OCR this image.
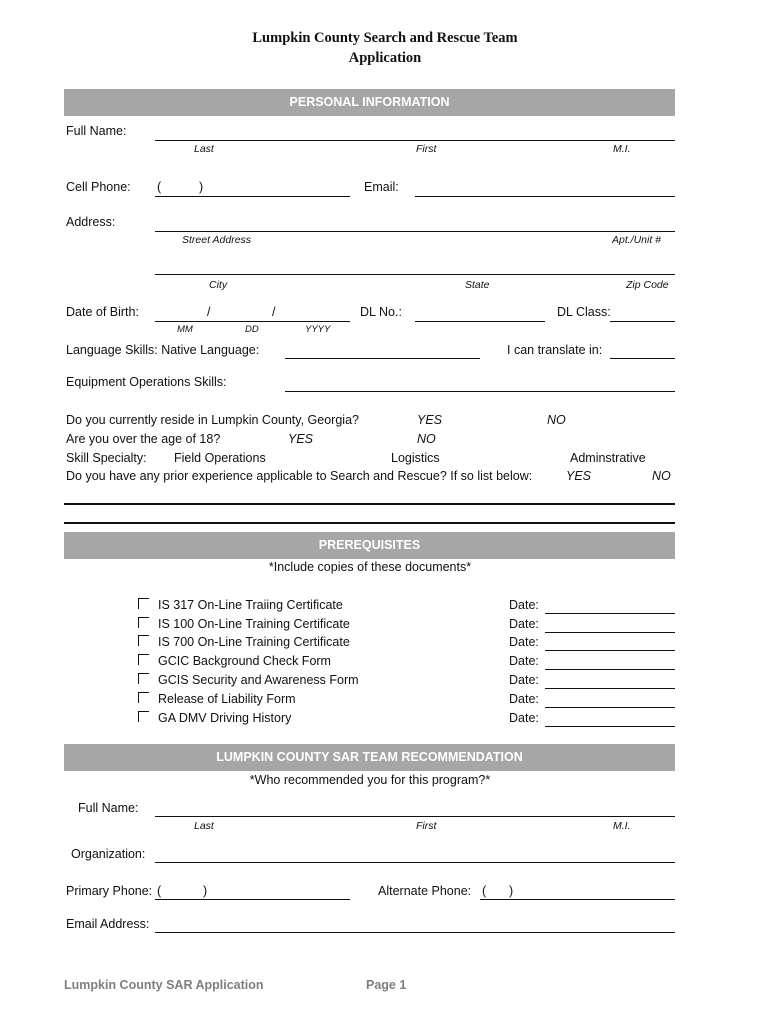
Lumpkin County Search and Rescue Team
Application
PERSONAL INFORMATION
Full Name:
Last	First	M.I.
Cell Phone: (	)	Email:
Address:
Street Address	Apt./Unit #
City	State	Zip Code
Date of Birth:	/	/
MM	DD	YYYY
DL No.:	DL Class:
Language Skills: Native Language:	I can translate in:
Equipment Operations Skills:
Do you currently reside in Lumpkin County, Georgia?	YES	NO
Are you over the age of 18?	YES	NO
Skill Specialty: Field Operations	Logistics	Adminstrative
Do you have any prior experience applicable to Search and Rescue? If so list below:	YES	NO
PREREQUISITES
*Include copies of these documents*
IS 317 On-Line Traiing Certificate	Date:
IS 100 On-Line Training Certificate	Date:
IS 700 On-Line Training Certificate	Date:
GCIC Background Check Form	Date:
GCIS Security and Awareness Form	Date:
Release of Liability Form	Date:
GA DMV Driving History	Date:
LUMPKIN COUNTY SAR TEAM RECOMMENDATION
*Who recommended you for this program?*
Full Name:
Last	First	M.I.
Organization:
Primary Phone: (	)	Alternate Phone: ( )
Email Address:
Lumpkin County SAR Application	Page 1
